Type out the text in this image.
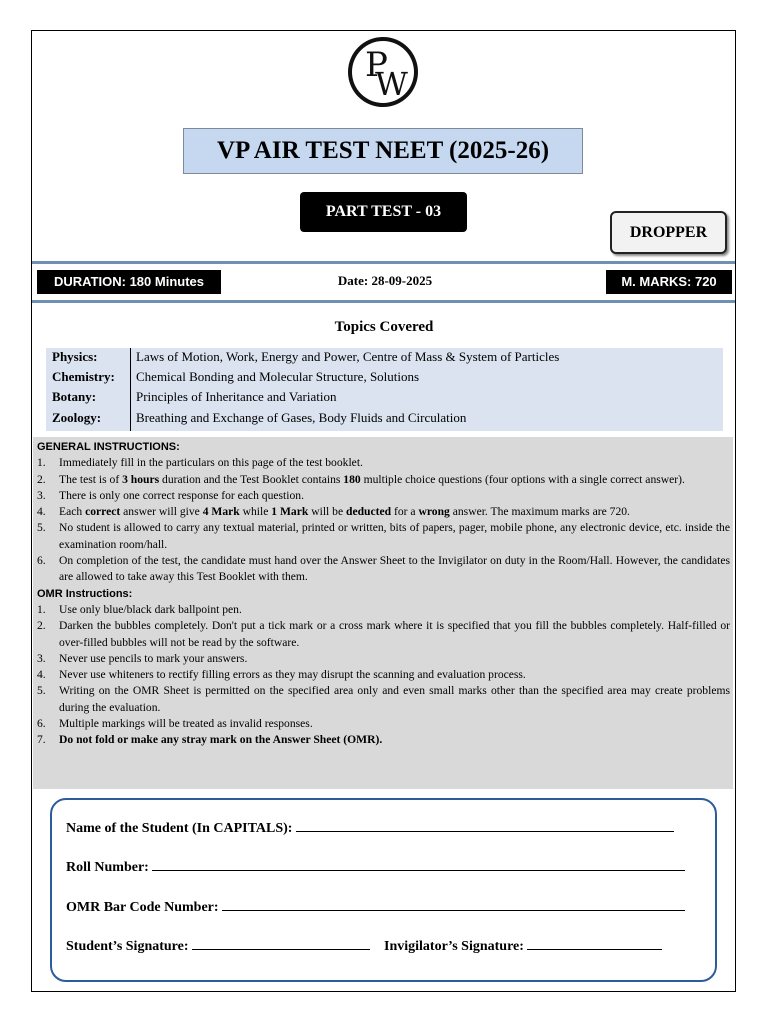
P
W
VP AIR TEST NEET (2025-26)
PART TEST - 03
DROPPER
DURATION: 180 Minutes	Date: 28-09-2025	M. MARKS: 720
Topics Covered
Physics:	Laws of Motion, Work, Energy and Power, Centre of Mass & System of Particles
Chemistry: Chemical Bonding and Molecular Structure, Solutions
Botany:	Principles of Inheritance and Variation
Zoology:	Breathing and Exchange of Gases, Body Fluids and Circulation
GENERAL INSTRUCTIONS:
1. Immediately fill in the particulars on this page of the test booklet.
2. The test is of 3 hours duration and the Test Booklet contains 180 multiple choice questions (four options with a single correct answer).
3. There is only one correct response for each question.
4. Each correct answer will give 4 Mark while 1 Mark will be deducted for a wrong answer. The maximum marks are 720.
5. No student is allowed to carry any textual material, printed or written, bits of papers, pager, mobile phone, any electronic device, etc. inside the examination room/hall.
6. On completion of the test, the candidate must hand over the Answer Sheet to the Invigilator on duty in the Room/Hall. However, the candidates are allowed to take away this Test Booklet with them.
OMR Instructions:
1. Use only blue/black dark ballpoint pen.
2. Darken the bubbles completely. Don't put a tick mark or a cross mark where it is specified that you fill the bubbles completely. Half-filled or over-filled bubbles will not be read by the software.
3. Never use pencils to mark your answers.
4. Never use whiteners to rectify filling errors as they may disrupt the scanning and evaluation process.
5. Writing on the OMR Sheet is permitted on the specified area only and even small marks other than the specified area may create problems during the evaluation.
6. Multiple markings will be treated as invalid responses.
7. Do not fold or make any stray mark on the Answer Sheet (OMR).
Name of the Student (In CAPITALS):
Roll Number:
OMR Bar Code Number:
Student’s Signature:	Invigilator’s Signature:
